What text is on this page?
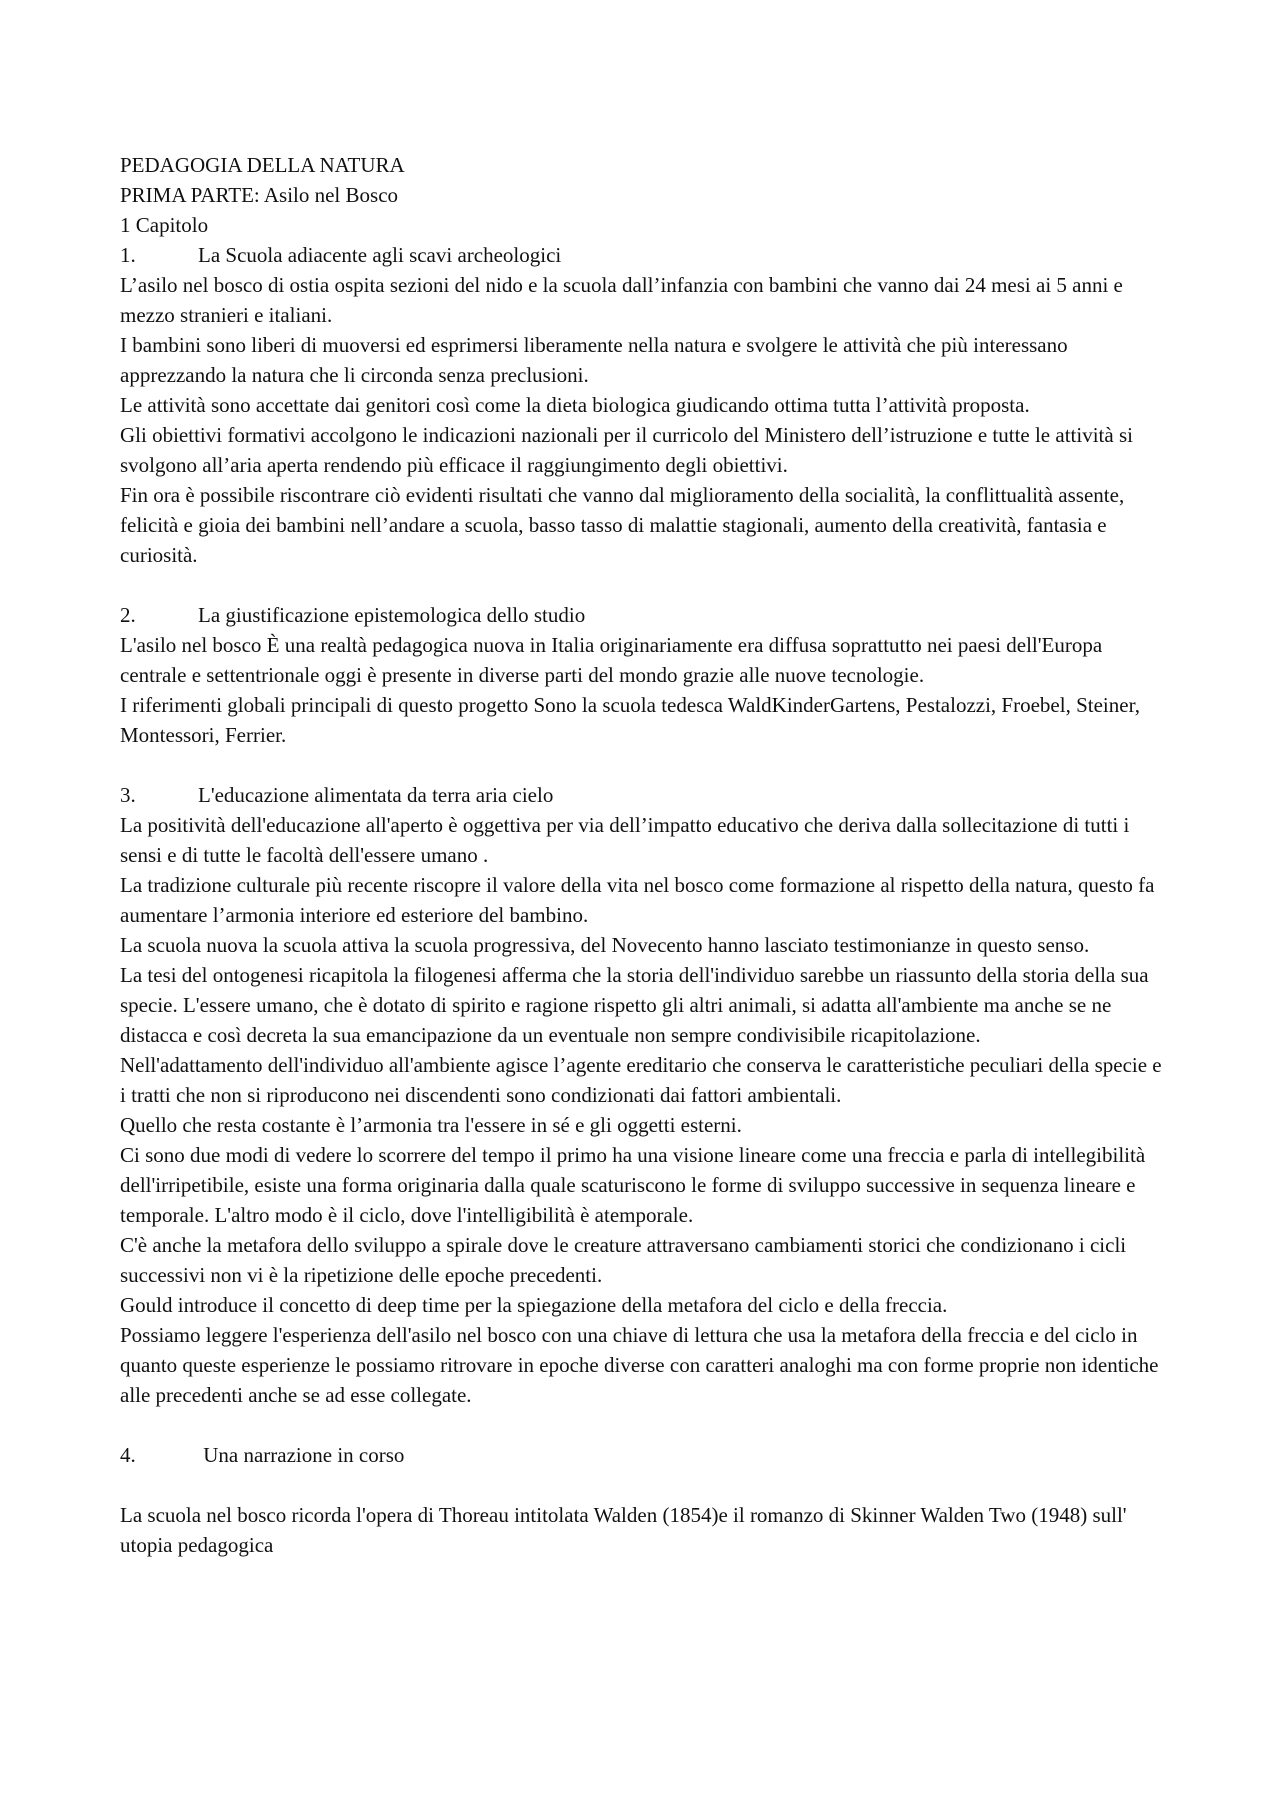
PEDAGOGIA DELLA NATURA

PRIMA PARTE: Asilo nel Bosco

1 Capitolo

1.	La Scuola adiacente agli scavi archeologici

L’asilo nel bosco di ostia ospita sezioni del nido e la scuola dall’infanzia con bambini che vanno dai 24 mesi ai 5 anni e mezzo stranieri e italiani.

I bambini sono liberi di muoversi ed esprimersi liberamente nella natura e svolgere le attività che più interessano apprezzando la natura che li circonda senza preclusioni.

Le attività sono accettate dai genitori così come la dieta biologica giudicando ottima tutta l’attività proposta.

Gli obiettivi formativi accolgono le indicazioni nazionali per il curricolo del Ministero dell’istruzione e tutte le attività si svolgono all’aria aperta rendendo più efficace il raggiungimento degli obiettivi.

Fin ora è possibile riscontrare ciò evidenti risultati che vanno dal miglioramento della socialità, la conflittualità assente, felicità e gioia dei bambini nell’andare a scuola, basso tasso di malattie stagionali, aumento della creatività, fantasia e curiosità.

2.	La giustificazione epistemologica dello studio

L'asilo nel bosco È una realtà pedagogica nuova in Italia originariamente era diffusa soprattutto nei paesi dell'Europa centrale e settentrionale oggi è presente in diverse parti del mondo grazie alle nuove tecnologie.

I riferimenti globali principali di questo progetto Sono la scuola tedesca WaldKinderGartens, Pestalozzi, Froebel, Steiner, Montessori, Ferrier.

3.	L'educazione alimentata da terra aria cielo

La positività dell'educazione all'aperto è oggettiva per via dell’impatto educativo che deriva dalla sollecitazione di tutti i sensi e di tutte le facoltà dell'essere umano .

La tradizione culturale più recente riscopre il valore della vita nel bosco come formazione al rispetto della natura, questo fa aumentare l’armonia interiore ed esteriore del bambino.

La scuola nuova la scuola attiva la scuola progressiva, del Novecento hanno lasciato testimonianze in questo senso.

La tesi del ontogenesi ricapitola la filogenesi afferma che la storia dell'individuo sarebbe un riassunto della storia della sua specie. L'essere umano, che è dotato di spirito e ragione rispetto gli altri animali, si adatta all'ambiente ma anche se ne distacca e così decreta la sua emancipazione da un eventuale non sempre condivisibile ricapitolazione.

Nell'adattamento dell'individuo all'ambiente agisce l’agente ereditario che conserva le caratteristiche peculiari della specie e i tratti che non si riproducono nei discendenti sono condizionati dai fattori ambientali.

Quello che resta costante è l’armonia tra l'essere in sé e gli oggetti esterni.

Ci sono due modi di vedere lo scorrere del tempo il primo ha una visione lineare come una freccia e parla di intellegibilità dell'irripetibile, esiste una forma originaria dalla quale scaturiscono le forme di sviluppo successive in sequenza lineare e temporale. L'altro modo è il ciclo, dove l'intelligibilità è atemporale.

C'è anche la metafora dello sviluppo a spirale dove le creature attraversano cambiamenti storici che condizionano i cicli successivi non vi è la ripetizione delle epoche precedenti.

Gould introduce il concetto di deep time per la spiegazione della metafora del ciclo e della freccia.

Possiamo leggere l'esperienza dell'asilo nel bosco con una chiave di lettura che usa la metafora della freccia e del ciclo in quanto queste esperienze le possiamo ritrovare in epoche diverse con caratteri analoghi ma con forme proprie non identiche alle precedenti anche se ad esse collegate.

4.	Una narrazione in corso

La scuola nel bosco ricorda l'opera di Thoreau intitolata Walden (1854)e il romanzo di Skinner Walden Two (1948) sull' utopia pedagogica
